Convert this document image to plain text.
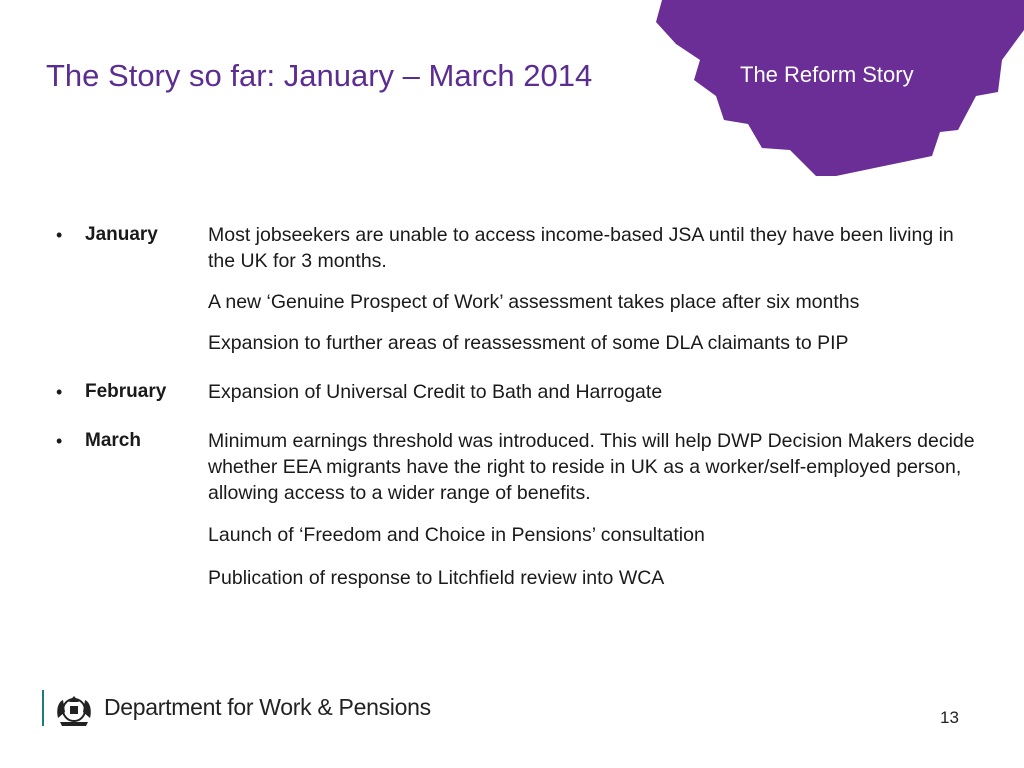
The Story so far: January – March 2014	The Reform Story
• January	Most jobseekers are unable to access income-based JSA until they have been living in the UK for 3 months.
A new ‘Genuine Prospect of Work’ assessment takes place after six months
Expansion to further areas of reassessment of some DLA claimants to PIP
• February Expansion of Universal Credit to Bath and Harrogate
• March	Minimum earnings threshold was introduced. This will help DWP Decision Makers decide whether EEA migrants have the right to reside in UK as a worker/self-employed person, allowing access to a wider range of benefits.
Launch of ‘Freedom and Choice in Pensions’ consultation
Publication of response to Litchfield review into WCA
Department for Work & Pensions	13
